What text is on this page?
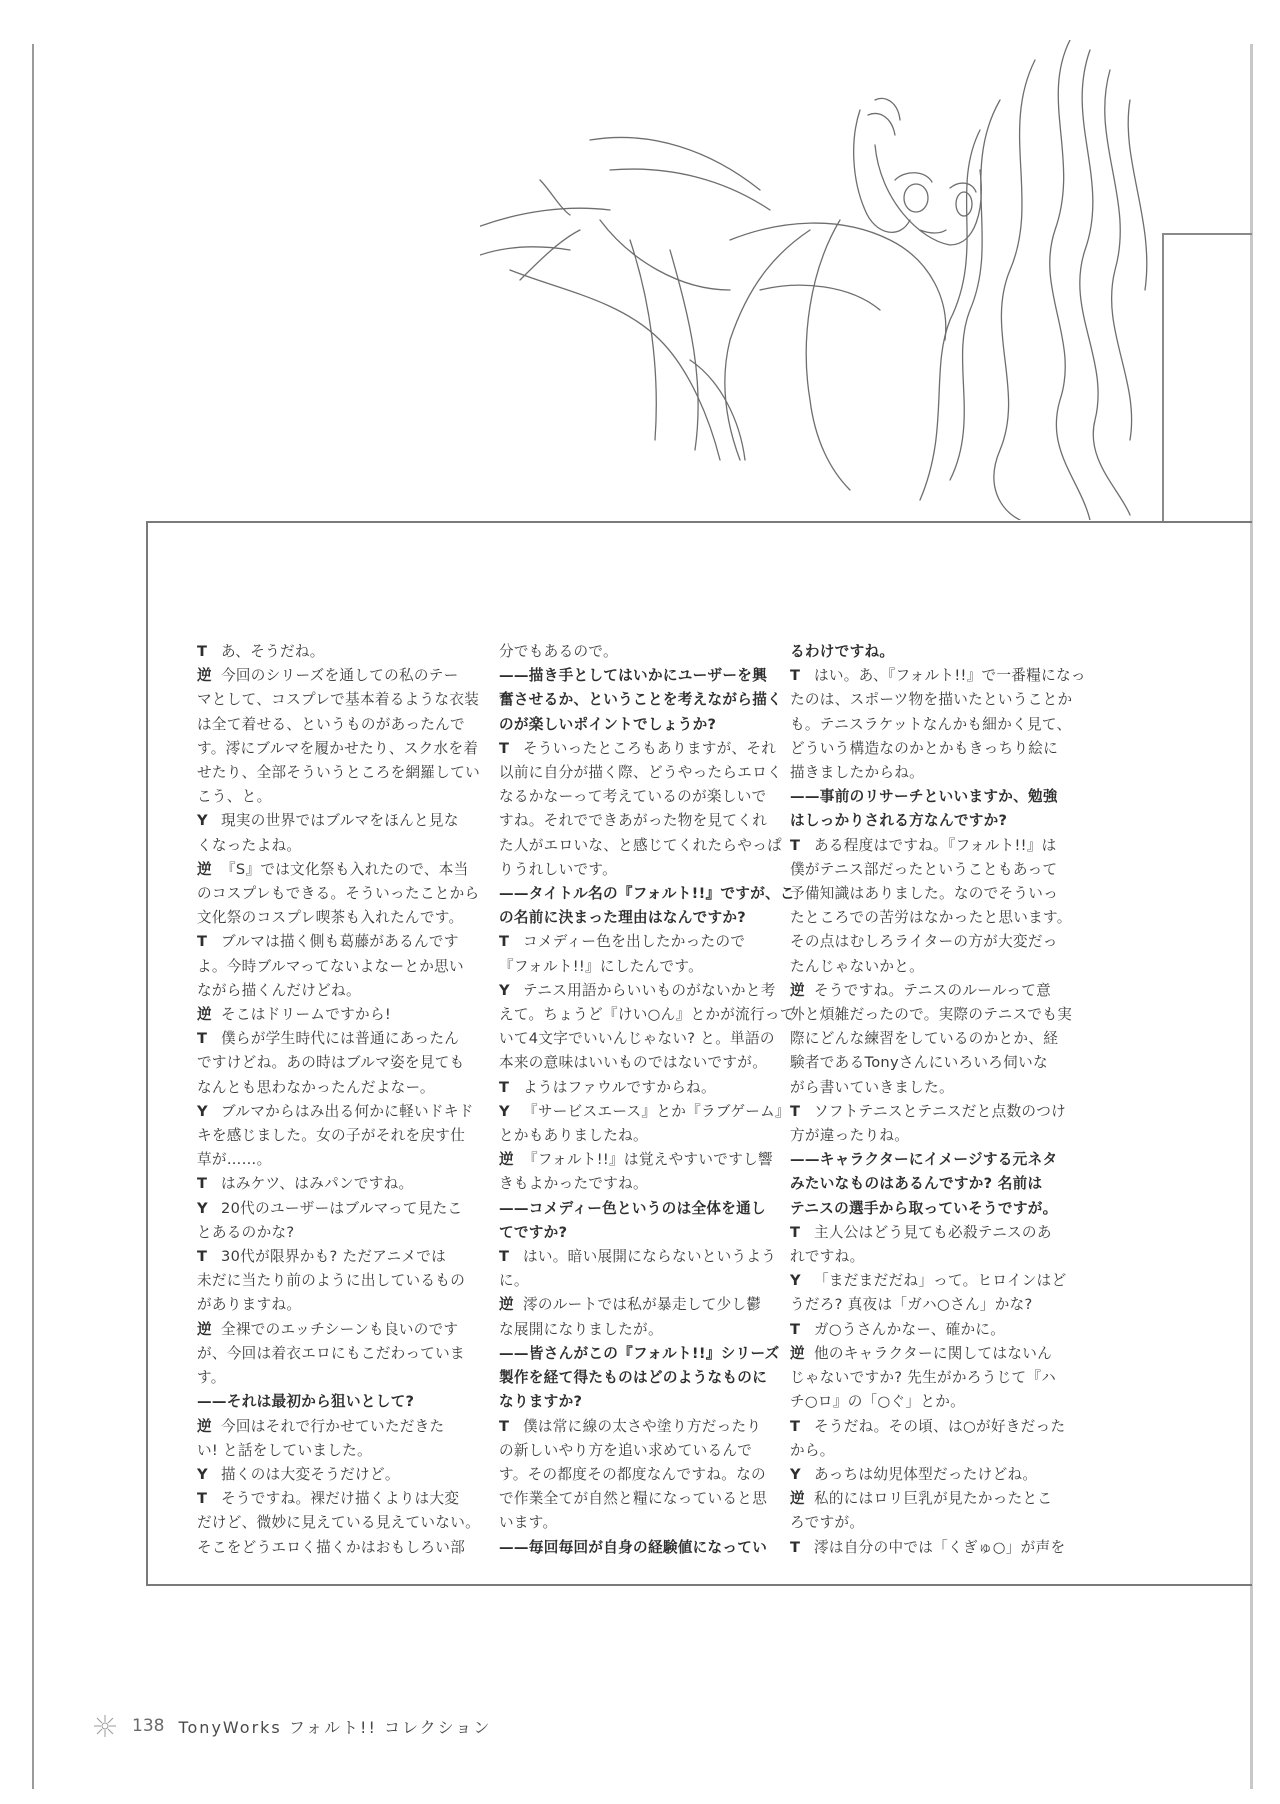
T あ、そうだね。

逆 今回のシリーズを通しての私のテー
マとして、コスプレで基本着るような衣装
は全て着せる、というものがあったんで
す。澪にブルマを履かせたり、スク水を着
せたり、全部そういうところを網羅してい
こう、と。

Y 現実の世界ではブルマをほんと見な
くなったよね。

逆 『S』では文化祭も入れたので、本当
のコスプレもできる。そういったことから
文化祭のコスプレ喫茶も入れたんです。

T ブルマは描く側も葛藤があるんです
よ。今時ブルマってないよなーとか思い
ながら描くんだけどね。

逆 そこはドリームですから!

T 僕らが学生時代には普通にあったん
ですけどね。あの時はブルマ姿を見ても
なんとも思わなかったんだよなー。

Y ブルマからはみ出る何かに軽いドキド
キを感じました。女の子がそれを戻す仕
草が……。

T はみケツ、はみパンですね。

Y 20代のユーザーはブルマって見たこ
とあるのかな?

T 30代が限界かも? ただアニメでは
未だに当たり前のように出しているもの
がありますね。

逆 全裸でのエッチシーンも良いのです
が、今回は着衣エロにもこだわっていま
す。

——それは最初から狙いとして?

逆 今回はそれで行かせていただきた
い! と話をしていました。

Y 描くのは大変そうだけど。

T そうですね。裸だけ描くよりは大変
だけど、微妙に見えている見えていない。
そこをどうエロく描くかはおもしろい部

分でもあるので。

——描き手としてはいかにユーザーを興
奮させるか、ということを考えながら描く
のが楽しいポイントでしょうか?

T そういったところもありますが、それ
以前に自分が描く際、どうやったらエロく
なるかなーって考えているのが楽しいで
すね。それでできあがった物を見てくれ
た人がエロいな、と感じてくれたらやっぱ
りうれしいです。

——タイトル名の『フォルト!!』ですが、こ
の名前に決まった理由はなんですか?

T コメディー色を出したかったので
『フォルト!!』にしたんです。

Y テニス用語からいいものがないかと考
えて。ちょうど『けい○ん』とかが流行って
いて4文字でいいんじゃない? と。単語の
本来の意味はいいものではないですが。

T ようはファウルですからね。

Y 『サービスエース』とか『ラブゲーム』
とかもありましたね。

逆 『フォルト!!』は覚えやすいですし響
きもよかったですね。

——コメディー色というのは全体を通し
てですか?

T はい。暗い展開にならないというよう
に。

逆 澪のルートでは私が暴走して少し鬱
な展開になりましたが。

——皆さんがこの『フォルト!!』シリーズ
製作を経て得たものはどのようなものに
なりますか?

T 僕は常に線の太さや塗り方だったり
の新しいやり方を追い求めているんで
す。その都度その都度なんですね。なの
で作業全てが自然と糧になっていると思
います。

——毎回毎回が自身の経験値になってい

るわけですね。

T はい。あ、『フォルト!!』で一番糧になっ
たのは、スポーツ物を描いたということか
も。テニスラケットなんかも細かく見て、
どういう構造なのかとかもきっちり絵に
描きましたからね。

——事前のリサーチといいますか、勉強
はしっかりされる方なんですか?

T ある程度はですね。『フォルト!!』は
僕がテニス部だったということもあって
予備知識はありました。なのでそういっ
たところでの苦労はなかったと思います。
その点はむしろライターの方が大変だっ
たんじゃないかと。

逆 そうですね。テニスのルールって意
外と煩雑だったので。実際のテニスでも実
際にどんな練習をしているのかとか、経
験者であるTonyさんにいろいろ伺いな
がら書いていきました。

T ソフトテニスとテニスだと点数のつけ
方が違ったりね。

——キャラクターにイメージする元ネタ
みたいなものはあるんですか? 名前は
テニスの選手から取っていそうですが。

T 主人公はどう見ても必殺テニスのあ
れですね。

Y 「まだまだだね」って。ヒロインはど
うだろ? 真夜は「ガハ○さん」かな?

T ガ○うさんかなー、確かに。

逆 他のキャラクターに関してはないん
じゃないですか? 先生がかろうじて『ハ
チ○ロ』の「○ぐ」とか。

T そうだね。その頃、は○が好きだった
から。

Y あっちは幼児体型だったけどね。

逆 私的にはロリ巨乳が見たかったとこ
ろですが。

T 澪は自分の中では「くぎゅ○」が声を

138 TonyWorks フォルト!! コレクション
